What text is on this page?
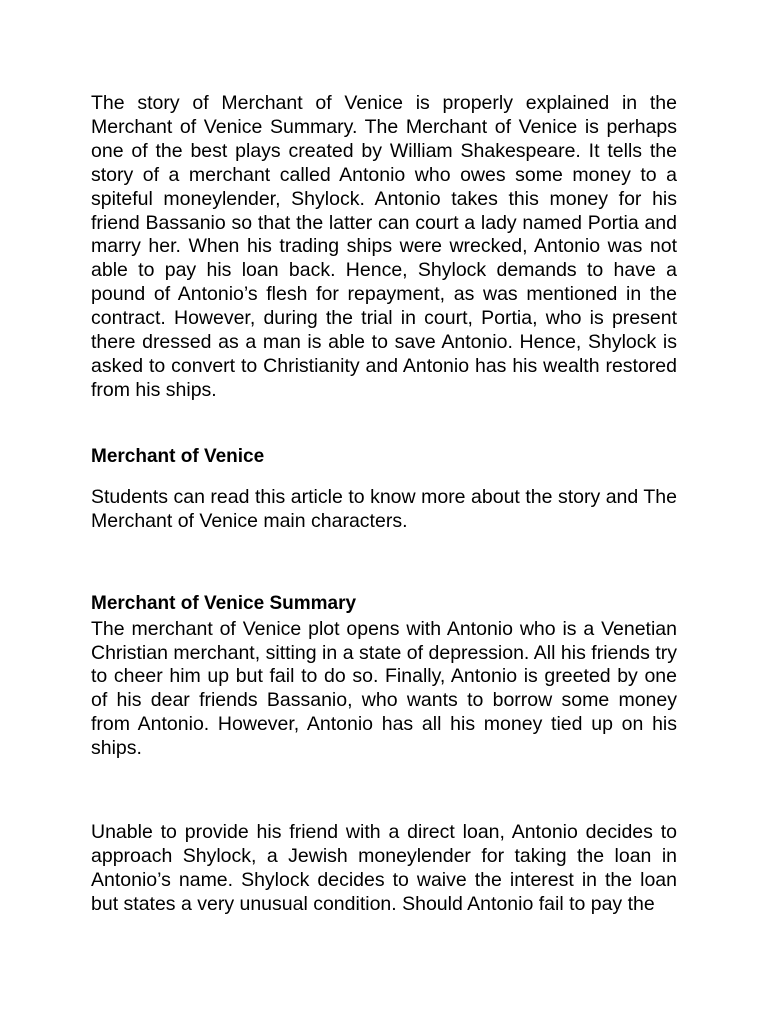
The story of Merchant of Venice is properly explained in the Merchant of Venice Summary. The Merchant of Venice is perhaps one of the best plays created by William Shakespeare. It tells the story of a merchant called Antonio who owes some money to a spiteful moneylender, Shylock. Antonio takes this money for his friend Bassanio so that the latter can court a lady named Portia and marry her. When his trading ships were wrecked, Antonio was not able to pay his loan back. Hence, Shylock demands to have a pound of Antonio’s flesh for repayment, as was mentioned in the contract. However, during the trial in court, Portia, who is present there dressed as a man is able to save Antonio. Hence, Shylock is asked to convert to Christianity and Antonio has his wealth restored from his ships.

Merchant of Venice

Students can read this article to know more about the story and The Merchant of Venice main characters.

Merchant of Venice Summary

The merchant of Venice plot opens with Antonio who is a Venetian Christian merchant, sitting in a state of depression. All his friends try to cheer him up but fail to do so. Finally, Antonio is greeted by one of his dear friends Bassanio, who wants to borrow some money from Antonio. However, Antonio has all his money tied up on his ships.

Unable to provide his friend with a direct loan, Antonio decides to approach Shylock, a Jewish moneylender for taking the loan in Antonio’s name. Shylock decides to waive the interest in the loan but states a very unusual condition. Should Antonio fail to pay the
